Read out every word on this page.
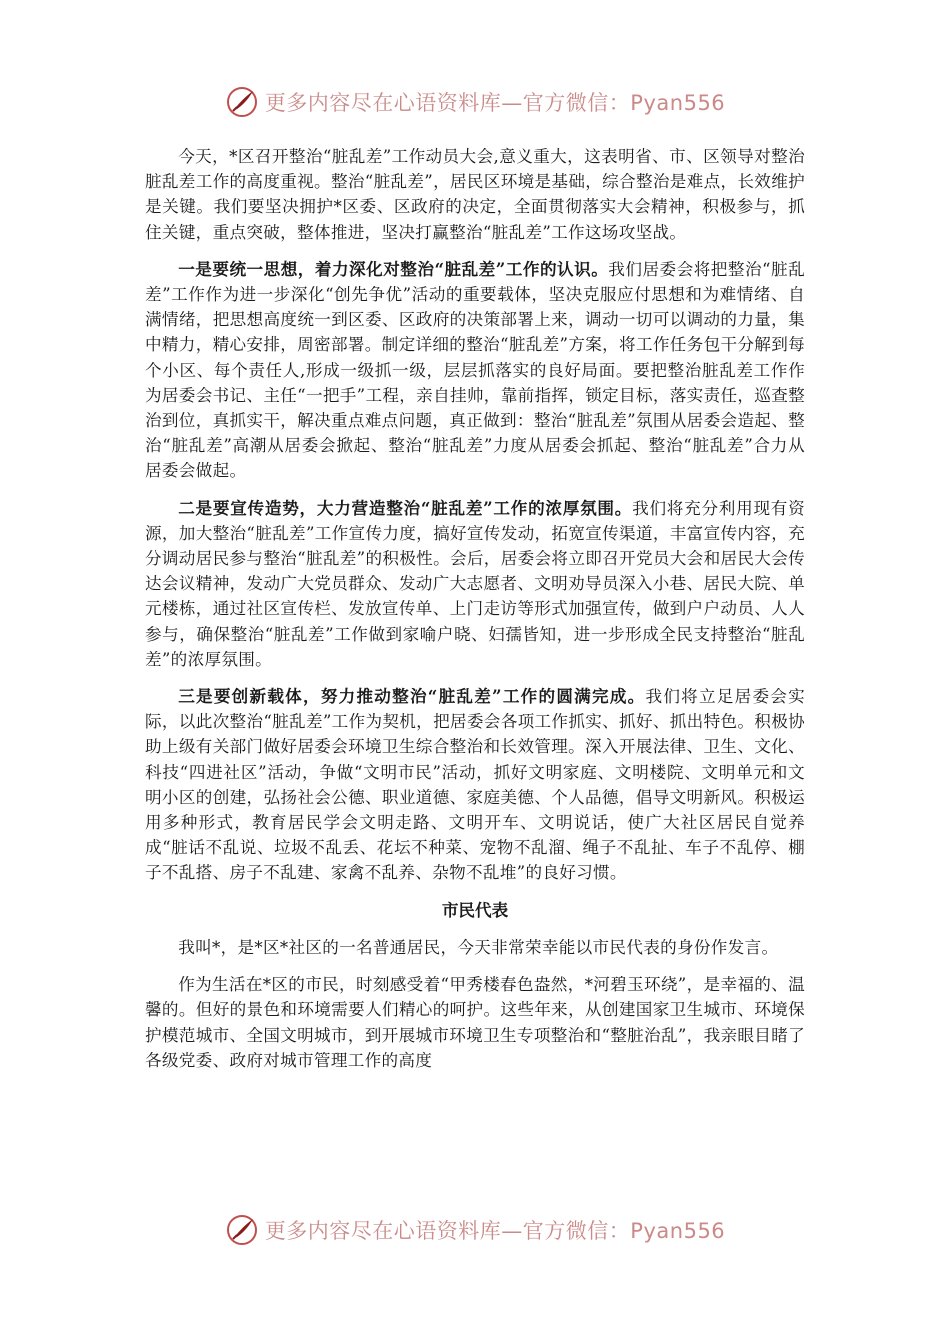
更多内容尽在心语资料库—官方微信：Pyan556

今天，*区召开整治“脏乱差”工作动员大会,意义重大，这表明省、市、区领导对整治脏乱差工作的高度重视。整治“脏乱差”，居民区环境是基础，综合整治是难点，长效维护是关键。我们要坚决拥护*区委、区政府的决定，全面贯彻落实大会精神，积极参与，抓住关键，重点突破，整体推进，坚决打赢整治“脏乱差”工作这场攻坚战。

一是要统一思想，着力深化对整治“脏乱差”工作的认识。我们居委会将把整治“脏乱差”工作作为进一步深化“创先争优”活动的重要载体，坚决克服应付思想和为难情绪、自满情绪，把思想高度统一到区委、区政府的决策部署上来，调动一切可以调动的力量，集中精力，精心安排，周密部署。制定详细的整治“脏乱差”方案，将工作任务包干分解到每个小区、每个责任人,形成一级抓一级，层层抓落实的良好局面。要把整治脏乱差工作作为居委会书记、主任“一把手”工程，亲自挂帅，靠前指挥，锁定目标，落实责任，巡查整治到位，真抓实干，解决重点难点问题，真正做到：整治“脏乱差”氛围从居委会造起、整治“脏乱差”高潮从居委会掀起、整治“脏乱差”力度从居委会抓起、整治“脏乱差”合力从居委会做起。

二是要宣传造势，大力营造整治“脏乱差”工作的浓厚氛围。我们将充分利用现有资源，加大整治“脏乱差”工作宣传力度，搞好宣传发动，拓宽宣传渠道，丰富宣传内容，充分调动居民参与整治“脏乱差”的积极性。会后，居委会将立即召开党员大会和居民大会传达会议精神，发动广大党员群众、发动广大志愿者、文明劝导员深入小巷、居民大院、单元楼栋，通过社区宣传栏、发放宣传单、上门走访等形式加强宣传，做到户户动员、人人参与，确保整治“脏乱差”工作做到家喻户晓、妇孺皆知，进一步形成全民支持整治“脏乱差”的浓厚氛围。

三是要创新载体，努力推动整治“脏乱差”工作的圆满完成。我们将立足居委会实际，以此次整治“脏乱差”工作为契机，把居委会各项工作抓实、抓好、抓出特色。积极协助上级有关部门做好居委会环境卫生综合整治和长效管理。深入开展法律、卫生、文化、科技“四进社区”活动，争做“文明市民”活动，抓好文明家庭、文明楼院、文明单元和文明小区的创建，弘扬社会公德、职业道德、家庭美德、个人品德，倡导文明新风。积极运用多种形式，教育居民学会文明走路、文明开车、文明说话，使广大社区居民自觉养成“脏话不乱说、垃圾不乱丢、花坛不种菜、宠物不乱溜、绳子不乱扯、车子不乱停、棚子不乱搭、房子不乱建、家禽不乱养、杂物不乱堆”的良好习惯。

市民代表

我叫*，是*区*社区的一名普通居民，今天非常荣幸能以市民代表的身份作发言。

作为生活在*区的市民，时刻感受着“甲秀楼春色盎然，*河碧玉环绕”，是幸福的、温馨的。但好的景色和环境需要人们精心的呵护。这些年来，从创建国家卫生城市、环境保护模范城市、全国文明城市，到开展城市环境卫生专项整治和“整脏治乱”，我亲眼目睹了各级党委、政府对城市管理工作的高度

更多内容尽在心语资料库—官方微信：Pyan556
